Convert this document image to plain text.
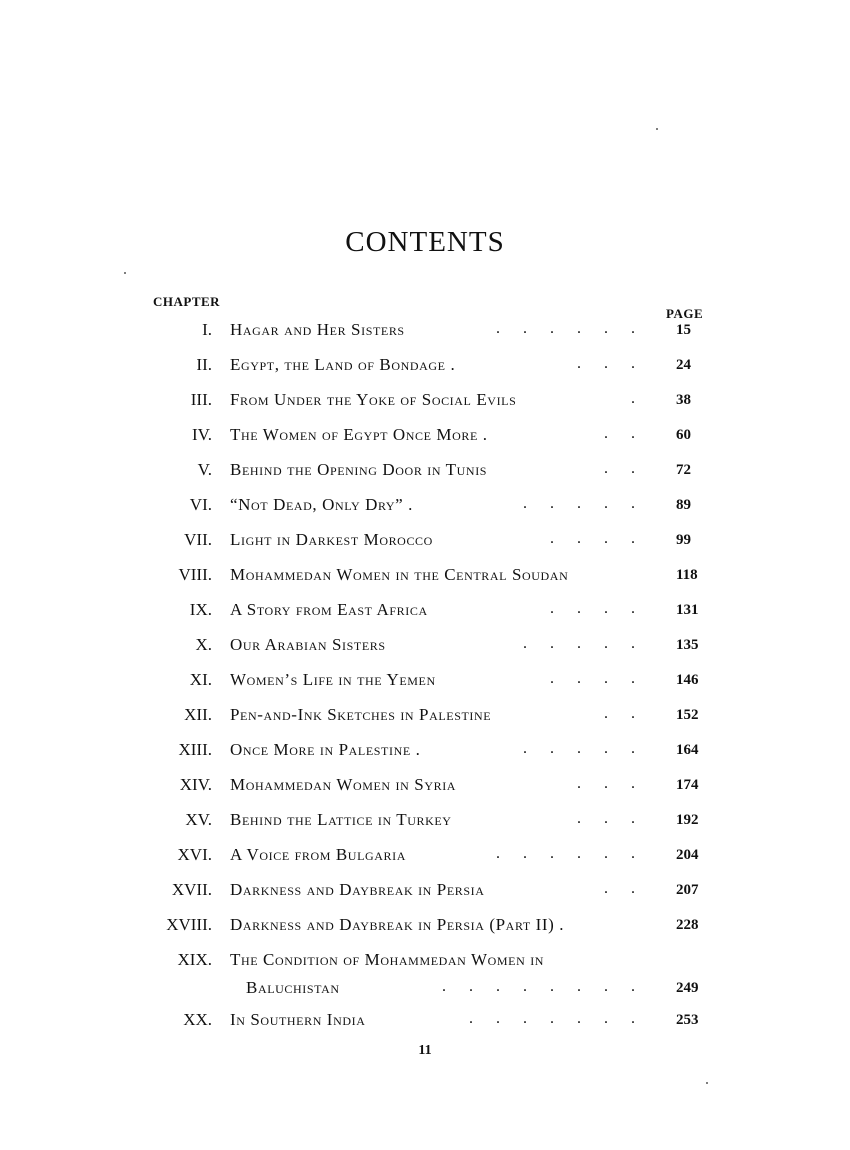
CONTENTS
CHAPTER
PAGE
I. Hagar and Her Sisters	...... 15
II. Egypt, the Land of Bondage .	... 24
III. From Under the Yoke of Social Evils	. 38
IV. The Women of Egypt Once More .	.. 60
V. Behind the Opening Door in Tunis	.. 72
VI. “Not Dead, Only Dry” .	..... 89
VII. Light in Darkest Morocco	.... 99
VIII. Mohammedan Women in the Central Soudan	118
IX. A Story from East Africa	.... 131
X. Our Arabian Sisters	..... 135
XI. Women’s Life in the Yemen	.... 146
XII. Pen-and-Ink Sketches in Palestine	.. 152
XIII. Once More in Palestine .	..... 164
XIV. Mohammedan Women in Syria	... 174
XV. Behind the Lattice in Turkey	... 192
XVI. A Voice from Bulgaria	...... 204
XVII. Darkness and Daybreak in Persia	.. 207
XVIII. Darkness and Daybreak in Persia (Part II) .	228
XIX. The Condition of Mohammedan Women in
Baluchistan	........ 249
XX. In Southern India	....... 253
11
